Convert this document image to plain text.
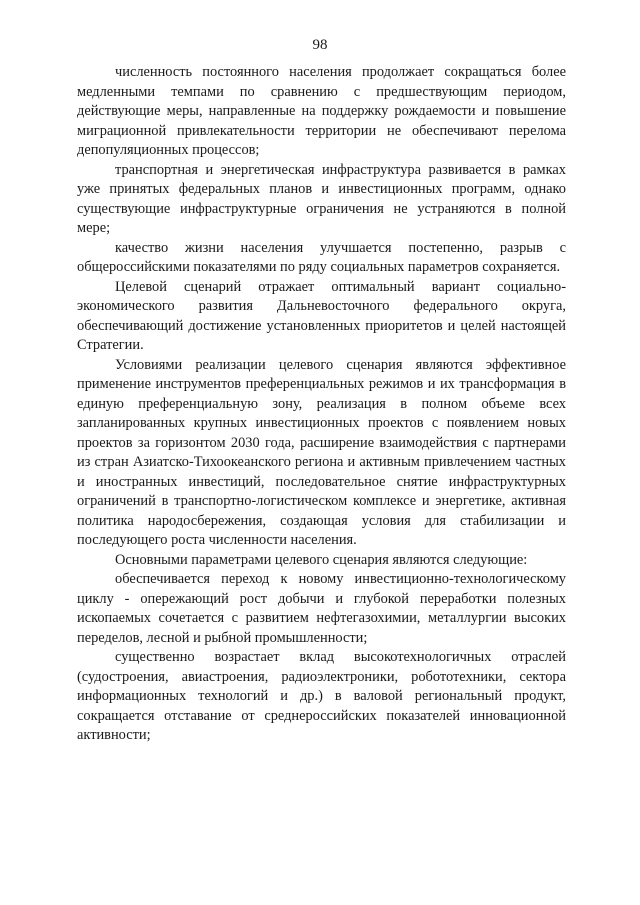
98

численность постоянного населения продолжает сокращаться более медленными темпами по сравнению с предшествующим периодом, действующие меры, направленные на поддержку рождаемости и повышение миграционной привлекательности территории не обеспечивают перелома депопуляционных процессов;

транспортная и энергетическая инфраструктура развивается в рамках уже принятых федеральных планов и инвестиционных программ, однако существующие инфраструктурные ограничения не устраняются в полной мере;

качество жизни населения улучшается постепенно, разрыв с общероссийскими показателями по ряду социальных параметров сохраняется.

Целевой сценарий отражает оптимальный вариант социально-экономического развития Дальневосточного федерального округа, обеспечивающий достижение установленных приоритетов и целей настоящей Стратегии.

Условиями реализации целевого сценария являются эффективное применение инструментов преференциальных режимов и их трансформация в единую преференциальную зону, реализация в полном объеме всех запланированных крупных инвестиционных проектов с появлением новых проектов за горизонтом 2030 года, расширение взаимодействия с партнерами из стран Азиатско-Тихоокеанского региона и активным привлечением частных и иностранных инвестиций, последовательное снятие инфраструктурных ограничений в транспортно-логистическом комплексе и энергетике, активная политика народосбережения, создающая условия для стабилизации и последующего роста численности населения.

Основными параметрами целевого сценария являются следующие:

обеспечивается переход к новому инвестиционно-технологическому циклу - опережающий рост добычи и глубокой переработки полезных ископаемых сочетается с развитием нефтегазохимии, металлургии высоких переделов, лесной и рыбной промышленности;

существенно возрастает вклад высокотехнологичных отраслей (судостроения, авиастроения, радиоэлектроники, робототехники, сектора информационных технологий и др.) в валовой региональный продукт, сокращается отставание от среднероссийских показателей инновационной активности;
